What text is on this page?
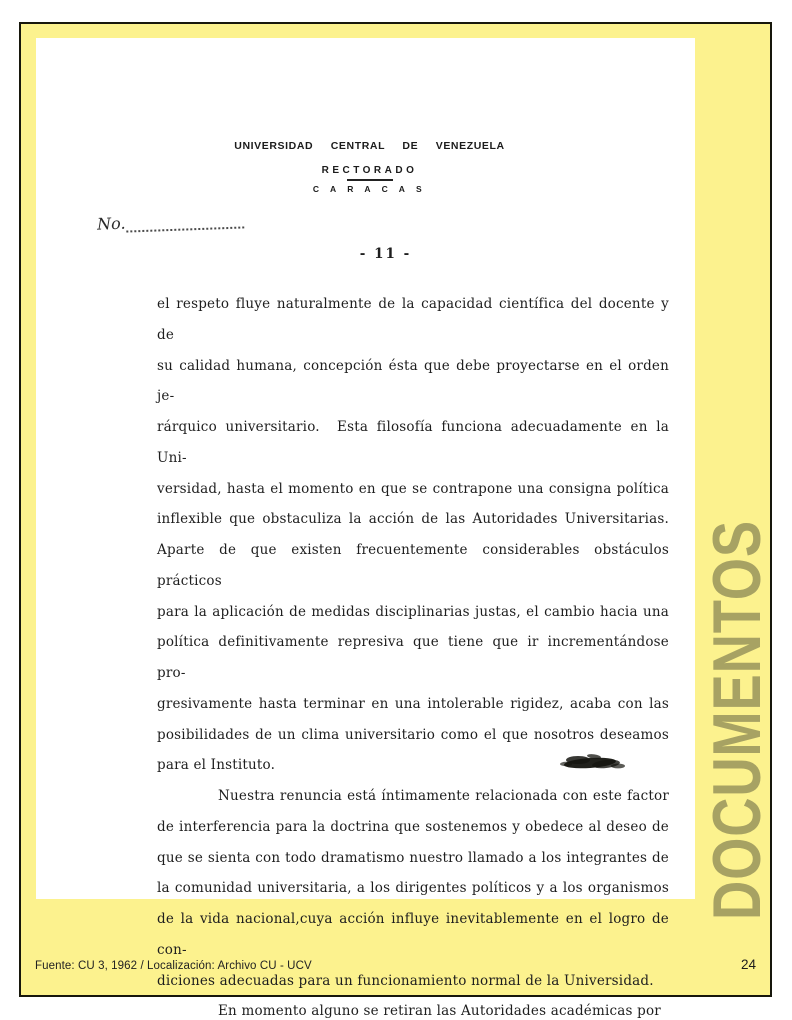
UNIVERSIDAD CENTRAL DE VENEZUELA
RECTORADO
C A R A C A S
No.
- 11 -
el respeto fluye naturalmente de la capacidad científica del docente y de
su calidad humana, concepción ésta que debe proyectarse en el orden je-
rárquico universitario.  Esta filosofía funciona adecuadamente en la Uni-
versidad, hasta el momento en que se contrapone una consigna política
inflexible que obstaculiza la acción de las Autoridades Universitarias.
Aparte de que existen frecuentemente considerables obstáculos prácticos
para la aplicación de medidas disciplinarias justas, el cambio hacia una
política definitivamente represiva que tiene que ir incrementándose pro-
gresivamente hasta terminar en una intolerable rigidez, acaba con las
posibilidades de un clima universitario como el que nosotros deseamos
para el Instituto.
Nuestra renuncia está íntimamente relacionada con este factor
de interferencia para la doctrina que sostenemos y obedece al deseo de
que se sienta con todo dramatismo nuestro llamado a los integrantes de
la comunidad universitaria, a los dirigentes políticos y a los organismos
de la vida nacional,cuya acción influye inevitablemente en el logro de con-
diciones adecuadas para un funcionamiento normal de la Universidad.
En momento alguno se retiran las Autoridades académicas por
DOCUMENTOS
Fuente: CU 3, 1962 / Localización: Archivo CU - UCV	24
